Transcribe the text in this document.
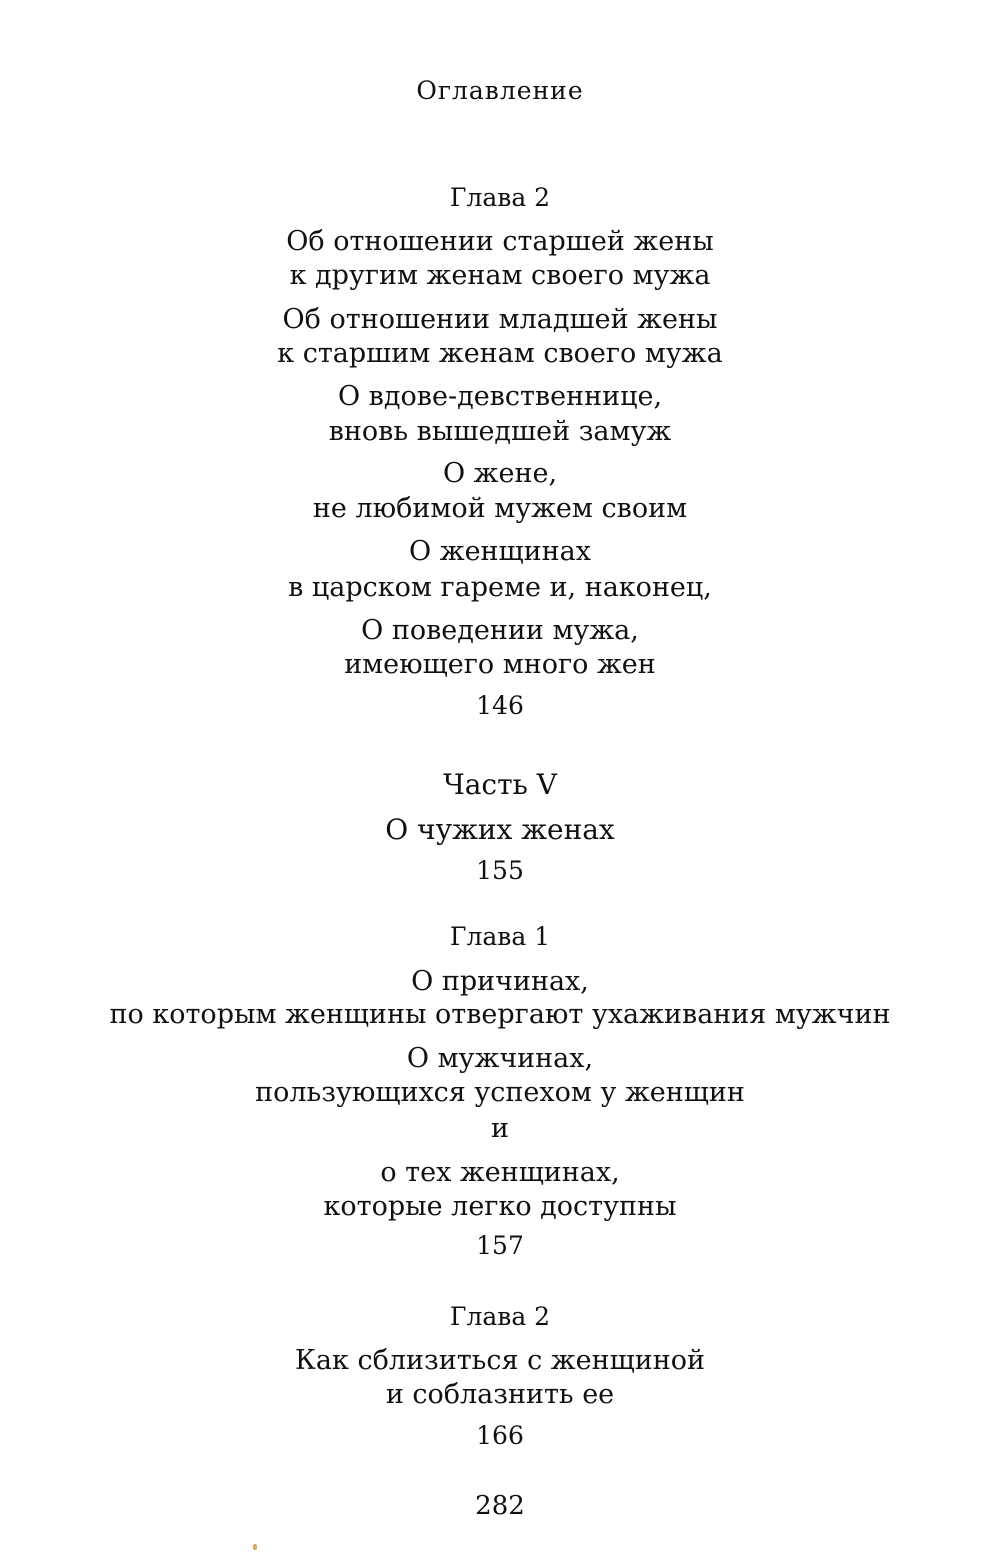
Оглавление
Глава 2
Об отношении старшей жены
к другим женам своего мужа
Об отношении младшей жены
к старшим женам своего мужа
О вдове-девственнице,
вновь вышедшей замуж
О жене,
не любимой мужем своим
О женщинах
в царском гареме и, наконец,
О поведении мужа,
имеющего много жен
146
Часть V
О чужих женах
155
Глава 1
О причинах,
по которым женщины отвергают ухаживания мужчин
О мужчинах,
пользующихся успехом у женщин
и
о тех женщинах,
которые легко доступны
157
Глава 2
Как сблизиться с женщиной
и соблазнить ее
166
282
